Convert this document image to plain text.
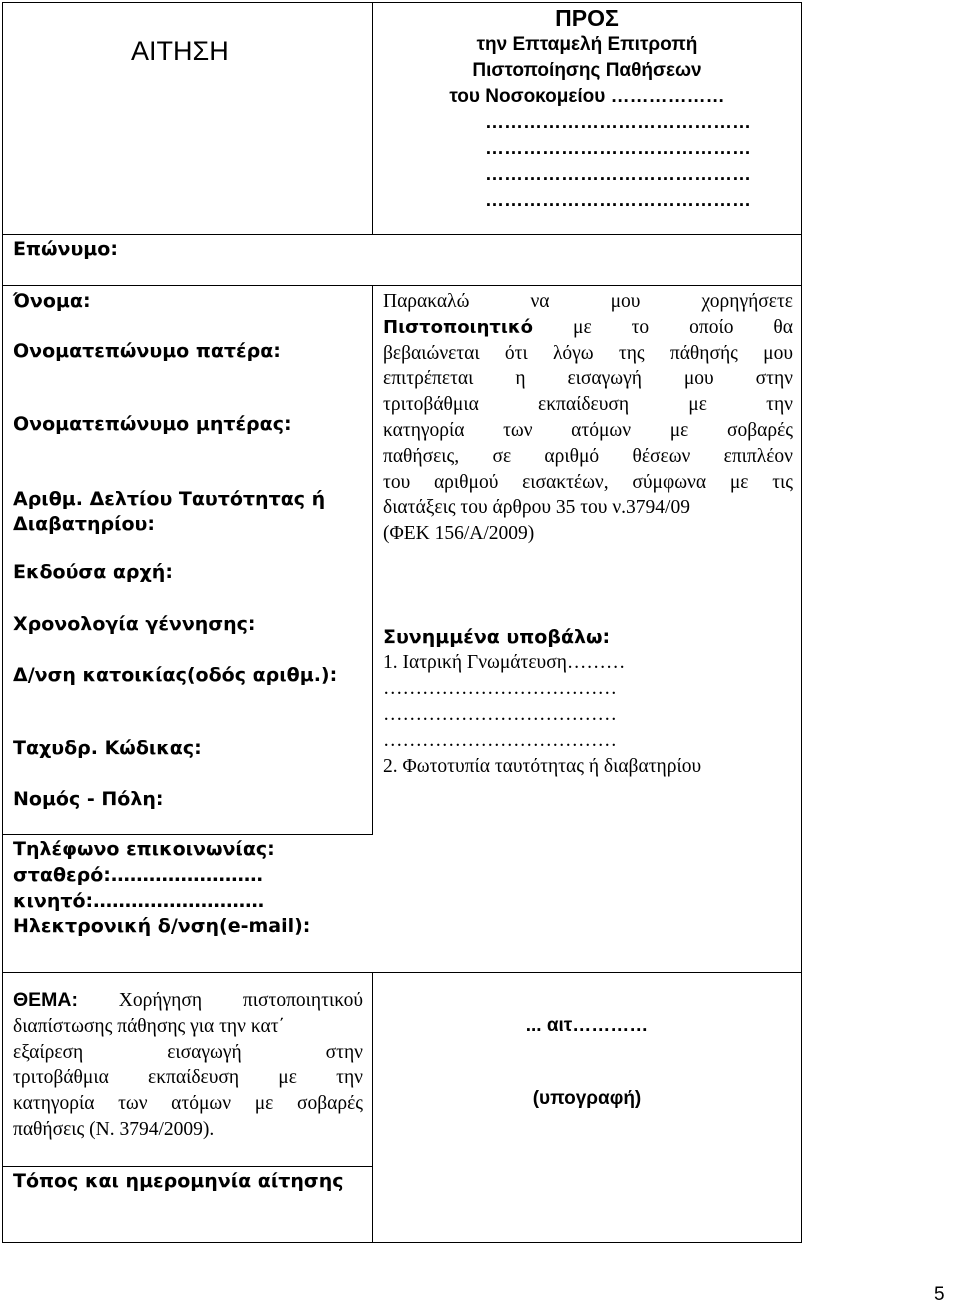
ΑΙΤΗΣΗ
ΠΡΟΣ
την Επταμελή Επιτροπή
Πιστοποίησης Παθήσεων
του Νοσοκομείου ………………
……………………………………
……………………………………
……………………………………
……………………………………
Επώνυμο:
Όνομα:
Ονοματεπώνυμο πατέρα:
Ονοματεπώνυμο μητέρας:
Αριθμ. Δελτίου Ταυτότητας ή
Διαβατηρίου:
Εκδούσα αρχή:
Χρονολογία γέννησης:
Δ/νση κατοικίας(οδός αριθμ.):
Ταχυδρ. Κώδικας:
Νομός - Πόλη:
Τηλέφωνο επικοινωνίας:
σταθερό:……………………
κινητό:………………………
Ηλεκτρονική δ/νση(e-mail):
Παρακαλώ να μου χορηγήσετε
Πιστοποιητικό με το οποίο θα
βεβαιώνεται ότι λόγω της πάθησής μου
επιτρέπεται η εισαγωγή μου στην
τριτοβάθμια εκπαίδευση με την
κατηγορία των ατόμων με σοβαρές
παθήσεις, σε αριθμό θέσεων επιπλέον
του αριθμού εισακτέων, σύμφωνα με τις
διατάξεις του άρθρου 35 του ν.3794/09
(ΦΕΚ 156/Α/2009)
Συνημμένα υποβάλω:
1. Ιατρική Γνωμάτευση………
………………………………
………………………………
………………………………
2. Φωτοτυπία ταυτότητας ή διαβατηρίου
ΘΕΜΑ: Χορήγηση πιστοποιητικού
διαπίστωσης πάθησης για την κατ΄
εξαίρεση εισαγωγή στην
τριτοβάθμια εκπαίδευση με την
κατηγορία των ατόμων με σοβαρές
παθήσεις (Ν. 3794/2009).
... αιτ…………
(υπογραφή)
Τόπος και ημερομηνία αίτησης
5
